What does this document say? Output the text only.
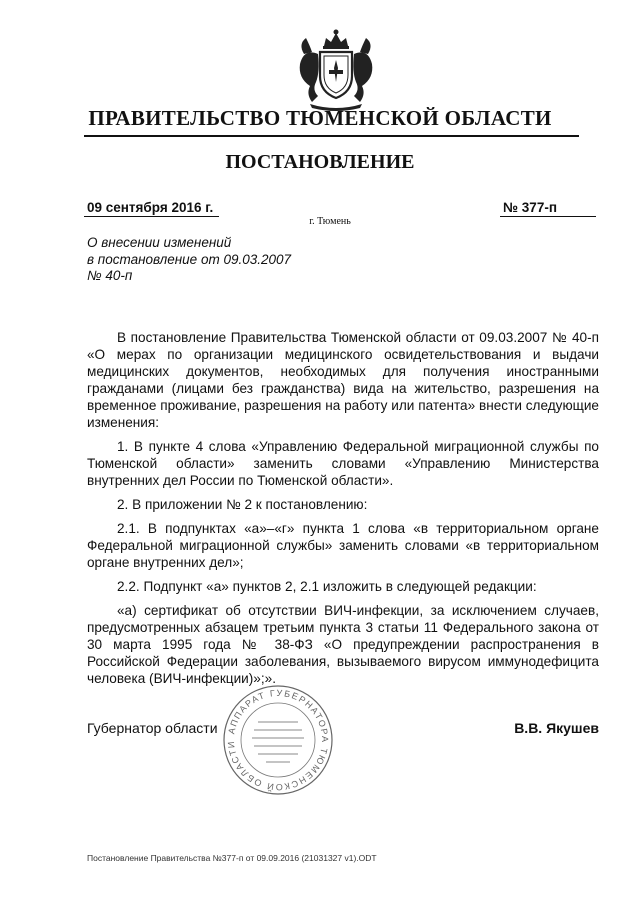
ПРАВИТЕЛЬСТВО ТЮМЕНСКОЙ ОБЛАСТИ
ПОСТАНОВЛЕНИЕ
09 сентября 2016 г.	№ 377-п
г. Тюмень
О внесении изменений
в постановление от 09.03.2007
№ 40-п

В постановление Правительства Тюменской области от 09.03.2007 № 40-п «О мерах по организации медицинского освидетельствования и выдачи медицинских документов, необходимых для получения иностранными гражданами (лицами без гражданства) вида на жительство, разрешения на временное проживание, разрешения на работу или патента» внести следующие изменения:

1. В пункте 4 слова «Управлению Федеральной миграционной службы по Тюменской области» заменить словами «Управлению Министерства внутренних дел России по Тюменской области».

2. В приложении № 2 к постановлению:

2.1. В подпунктах «а»–«г» пункта 1 слова «в территориальном органе Федеральной миграционной службы» заменить словами «в территориальном органе внутренних дел»;

2.2. Подпункт «а» пунктов 2, 2.1 изложить в следующей редакции:

«а) сертификат об отсутствии ВИЧ-инфекции, за исключением случаев, предусмотренных абзацем третьим пункта 3 статьи 11 Федерального закона от 30 марта 1995 года № 38-ФЗ «О предупреждении распространения в Российской Федерации заболевания, вызываемого вирусом иммунодефицита человека (ВИЧ-инфекции)»;».

АППАРАТ ГУБЕРНАТОРА ТЮМЕНСКОЙ ОБЛАСТИ
Губернатор области	В.В. Якушев
Постановление Правительства №377-п от 09.09.2016 (21031327 v1).ODT
